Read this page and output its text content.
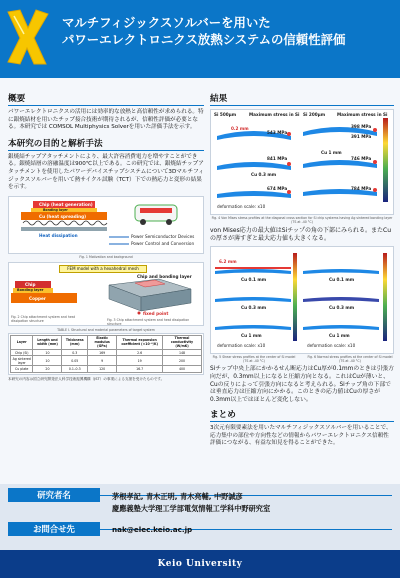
マルチフィジックスソルバーを用いた
パワーエレクトロニクス放熱システムの信頼性評価
概要
パワーエレクトロニクスの活用には効率的な放熱と高信頼性が求められる。特に銀焼結材を用いたチップ接合技術が期待されるが、信頼性評価が必要となる。本研究では COMSOL Multiphysics Solverを用いた評価手法を示す。
本研究の目的と解析手法
銀焼結チップアタッチメントにより、最大許容消費電力を増やすことができる。銀焼結層の溶融温度は900℃以上である。この研究では、銀焼結チップアタッチメントを使用したパワーデバイスチップシステムについて3Dマルチフィジックスソルバーを用いて熱サイクル試験（TCT）下での熱応力と変形の結果を示す。
Chip (heat generation)
Bonding layer
Cu (heat spreading)
Heat dissipation	Power Semiconductor Devices
Power Control and Conversion
Fig. 1 Motivation and background
FEM model with a hexahedral mesh
Chip
Bonding layer
Copper
Chip and bonding layer
fixed point
Fig. 2 Chip attachment system and heat dissipation structure	Fig. 3 Chip attachment system and heat dissipation structure
TABLE I. Structural and material parameters of target system
Layer	Length and width (mm)	Thickness (mm)	Elastic modulus (GPa)	Thermal expansion coefficient (×10⁻⁶/K)	Thermal conductivity (W/mK)
Chip (Si)	10	0.3	169	2.6	148
Ag sintered layer	10	0.05	9	19	200
Cu plate	20	0.1–0.3	120	16.7	400
本研究の内容は国立研究開発法人科学技術振興機構（JST）の事業による支援を受けたものです。
結果
Si 500μm	Maximum stress in Si Si 200μm	Maximum stress in Si
0.2 mm
543 MPa
841 MPa
Cu 0.3 mm
674 MPa
398 MPa
391 MPa
Cu 1 mm
746 MPa
784 MPa
deformation scale: x10
Fig. 4 Von Mises stress profiles at the diagonal cross section for Si chip systems having Ag sintered bonding layer (TS at -40 °C)
von Mises応力の最大値はSiチップの角の下部にみられる。またCuの厚さが薄すぎと最大応力値も大きくなる。
6.2 mm
Cu 0.1 mm
Cu 0.3 mm
Cu 1 mm
Cu 0.1 mm
Cu 0.3 mm
Cu 1 mm
deformation scale: x10	deformation scale: x10
Fig. 5 Shear stress profiles at the center of Si model (TS at -40 °C)
Fig. 6 Normal stress profiles at the center of Si model (TS at -40 °C)
Siチップ中央上部にかかるせん断応力はCu厚が0.1mmのときは引張方向だが、0.3mm以上になると圧縮方向となる。これはCuが薄いと、Cuの反りによって引張方向になると考えられる。Siチップ角の下部では垂直応力は圧縮方向にかかる。このときの応力値はCuの厚さが0.3mm以上ではほとんど変化しない。
まとめ
3次元有限要素法を用いたマルチフィジックスソルバーを用いることで、応力集中の部位や方向性などの情報からパワーエレクトロニクス信頼性評価につながる、有益な知見を得ることができた。
研究者名	茅根孝記, 青木正明, 青木亮輔, 中野誠彦
慶應義塾大学理工学部電気情報工学科中野研究室
お問合せ先	nak@elec.keio.ac.jp
Keio University
